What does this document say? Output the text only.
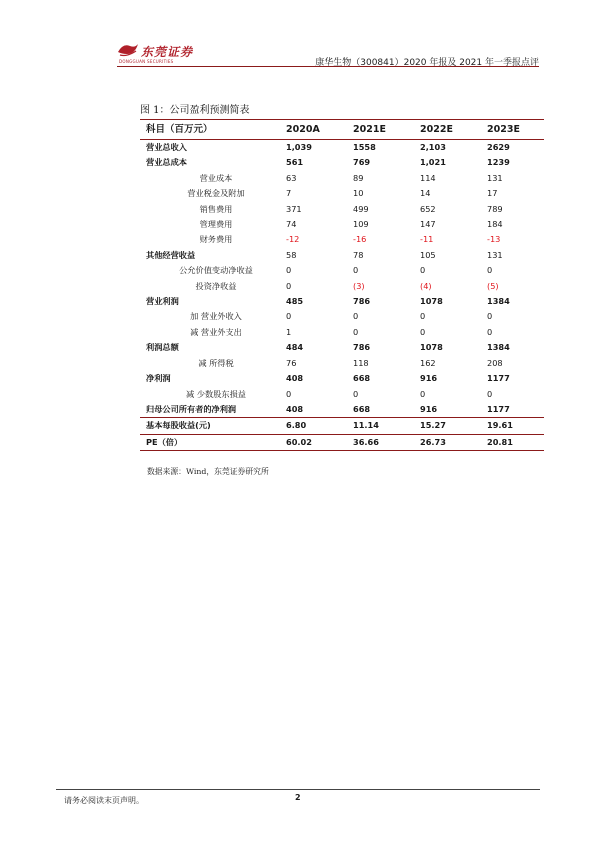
东莞证券
DONGGUAN SECURITIES	康华生物（300841）2020 年报及 2021 年一季报点评
图 1：公司盈利预测简表
科目（百万元）	2020A	2021E	2022E	2023E
营业总收入	1,039	1558	2,103	2629
营业总成本	561	769	1,021	1239
营业成本	63	89	114	131
营业税金及附加	7	10	14	17
销售费用	371	499	652	789
管理费用	74	109	147	184
财务费用	-12	-16	-11	-13
其他经营收益	58	78	105	131
公允价值变动净收益	0	0	0	0
投资净收益	0	(3)	(4)	(5)
营业利润	485	786	1078	1384
加 营业外收入	0	0	0	0
减 营业外支出	1	0	0	0
利润总额	484	786	1078	1384
减 所得税	76	118	162	208
净利润	408	668	916	1177
减 少数股东损益	0	0	0	0
归母公司所有者的净利润	408	668	916	1177
基本每股收益(元)	6.80	11.14	15.27	19.61
PE（倍）	60.02	36.66	26.73	20.81
数据来源：Wind，东莞证券研究所
请务必阅读末页声明。	2
